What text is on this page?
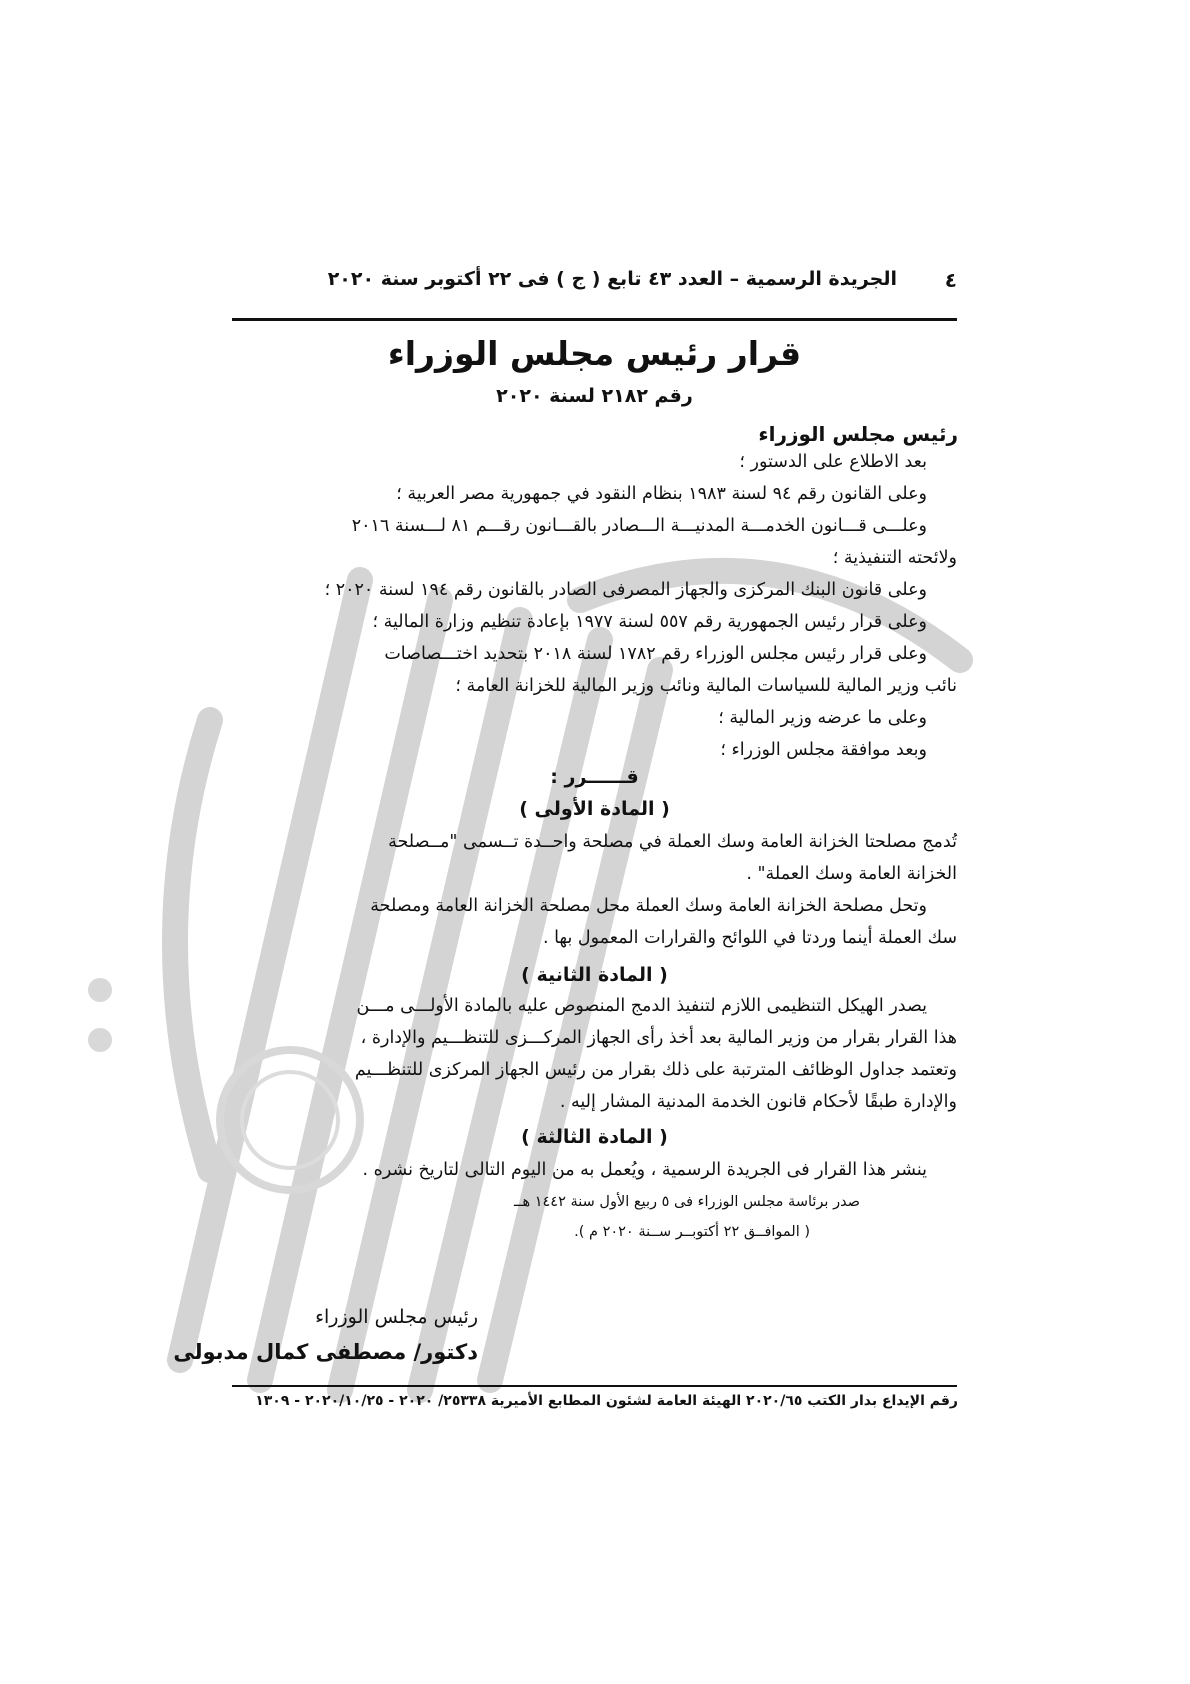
الجريدة الرسمية – العدد ٤٣ تابع ( ج ) فى ٢٢ أكتوبر سنة ٢٠٢٠ ٤
قرار رئيس مجلس الوزراء
رقم ٢١٨٢ لسنة ٢٠٢٠
رئيس مجلس الوزراء
بعد الاطلاع على الدستور ؛
وعلى القانون رقم ٩٤ لسنة ١٩٨٣ بنظام النقود في جمهورية مصر العربية ؛
وعلـــى قـــانون الخدمـــة المدنيـــة الـــصادر بالقـــانون رقـــم ٨١ لـــسنة ٢٠١٦
ولائحته التنفيذية ؛
وعلى قانون البنك المركزى والجهاز المصرفى الصادر بالقانون رقم ١٩٤ لسنة ٢٠٢٠ ؛
وعلى قرار رئيس الجمهورية رقم ٥٥٧ لسنة ١٩٧٧ بإعادة تنظيم وزارة المالية ؛
وعلى قرار رئيس مجلس الوزراء رقم ١٧٨٢ لسنة ٢٠١٨ بتحديد اختـــصاصات
نائب وزير المالية للسياسات المالية ونائب وزير المالية للخزانة العامة ؛
وعلى ما عرضه وزير المالية ؛
وبعد موافقة مجلس الوزراء ؛
قــــــرر :
( المادة الأولى )
تُدمج مصلحتا الخزانة العامة وسك العملة في مصلحة واحــدة تــسمى "مــصلحة
الخزانة العامة وسك العملة" .
وتحل مصلحة الخزانة العامة وسك العملة محل مصلحة الخزانة العامة ومصلحة
سك العملة أينما وردتا في اللوائح والقرارات المعمول بها .
( المادة الثانية )
يصدر الهيكل التنظيمى اللازم لتنفيذ الدمج المنصوص عليه بالمادة الأولـــى مـــن
هذا القرار بقرار من وزير المالية بعد أخذ رأى الجهاز المركـــزى للتنظـــيم والإدارة ،
وتعتمد جداول الوظائف المترتبة على ذلك بقرار من رئيس الجهاز المركزى للتنظـــيم
والإدارة طبقًا لأحكام قانون الخدمة المدنية المشار إليه .
( المادة الثالثة )
ينشر هذا القرار فى الجريدة الرسمية ، ويُعمل به من اليوم التالى لتاريخ نشره .
صدر برئاسة مجلس الوزراء فى ٥ ربيع الأول سنة ١٤٤٢ هــ
( الموافــق ٢٢ أكتوبــر ســنة ٢٠٢٠ م ).
رئيس مجلس الوزراء
دكتور/ مصطفى كمال مدبولى
رقم الإيداع بدار الكتب ٢٠٢٠/٦٥ الهيئة العامة لشئون المطابع الأميرية ٢٥٣٣٨/ ٢٠٢٠ - ٢٠٢٠/١٠/٢٥ - ١٣٠٩
